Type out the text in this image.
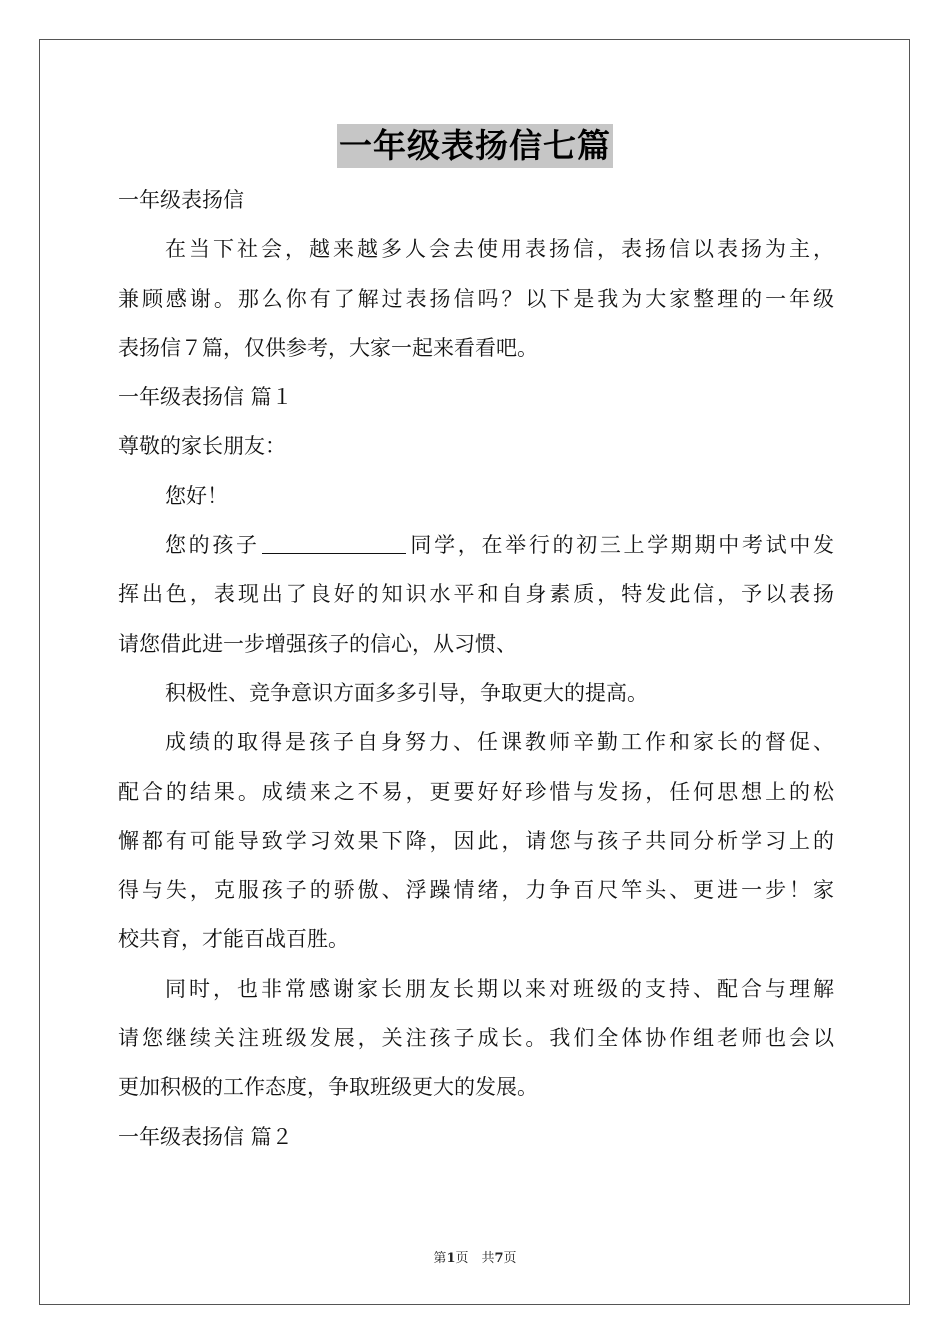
一年级表扬信七篇
一年级表扬信
在当下社会，越来越多人会去使用表扬信，表扬信以表扬为主，
兼顾感谢。那么你有了解过表扬信吗？以下是我为大家整理的一年级
表扬信７篇，仅供参考，大家一起来看看吧。
一年级表扬信 篇１
尊敬的家长朋友：
您好！
您的孩子	同学，在举行的初三上学期期中考试中发
挥出色，表现出了良好的知识水平和自身素质，特发此信，予以表扬
请您借此进一步增强孩子的信心，从习惯、
积极性、竞争意识方面多多引导，争取更大的提高。
成绩的取得是孩子自身努力、任课教师辛勤工作和家长的督促、
配合的结果。成绩来之不易，更要好好珍惜与发扬，任何思想上的松
懈都有可能导致学习效果下降，因此，请您与孩子共同分析学习上的
得与失，克服孩子的骄傲、浮躁情绪，力争百尺竿头、更进一步！家
校共育，才能百战百胜。
同时，也非常感谢家长朋友长期以来对班级的支持、配合与理解
请您继续关注班级发展，关注孩子成长。我们全体协作组老师也会以
更加积极的工作态度，争取班级更大的发展。
一年级表扬信 篇２
第1页　共7页
